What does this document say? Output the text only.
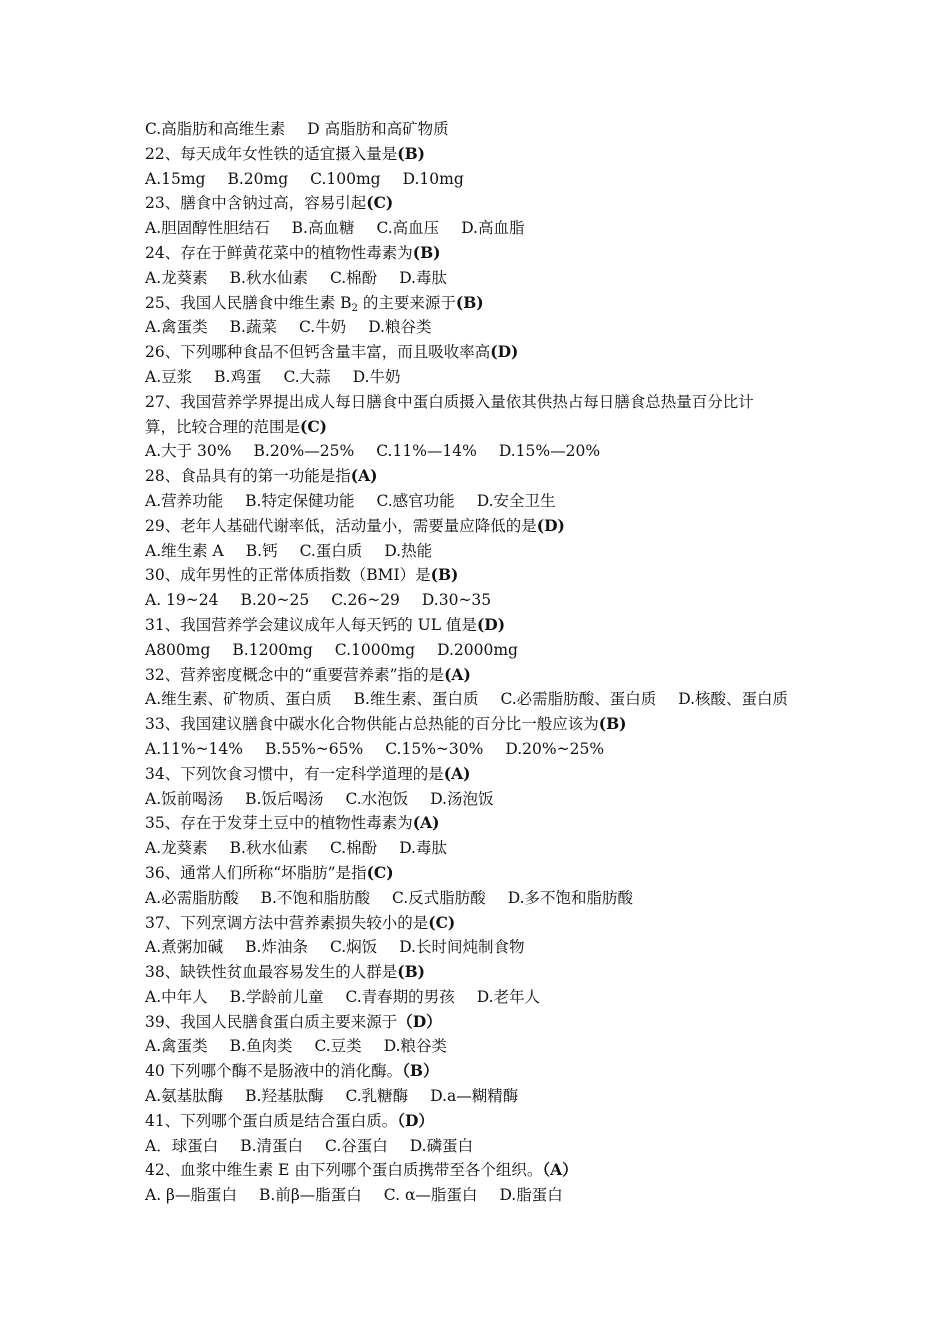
C.高脂肪和高维生素 D 高脂肪和高矿物质
22、每天成年女性铁的适宜摄入量是(B)
A.15mg B.20mg C.100mg D.10mg
23、膳食中含钠过高，容易引起(C)
A.胆固醇性胆结石 B.高血糖 C.高血压 D.高血脂
24、存在于鲜黄花菜中的植物性毒素为(B)
A.龙葵素 B.秋水仙素 C.棉酚 D.毒肽
25、我国人民膳食中维生素 $B_2$ 的主要来源于(B)
A.禽蛋类 B.蔬菜 C.牛奶 D.粮谷类
26、下列哪种食品不但钙含量丰富，而且吸收率高(D)
A.豆浆 B.鸡蛋 C.大蒜 D.牛奶
27、我国营养学界提出成人每日膳食中蛋白质摄入量依其供热占每日膳食总热量百分比计
算，比较合理的范围是(C)
A.大于 30% B.20%—25% C.11%—14% D.15%—20%
28、食品具有的第一功能是指(A)
A.营养功能 B.特定保健功能 C.感官功能 D.安全卫生
29、老年人基础代谢率低，活动量小，需要量应降低的是(D)
A.维生素 A B.钙 C.蛋白质 D.热能
30、成年男性的正常体质指数（BMI）是(B)
A. 19~24 B.20~25 C.26~29 D.30~35
31、我国营养学会建议成年人每天钙的 UL 值是(D)
A800mg B.1200mg C.1000mg D.2000mg
32、营养密度概念中的“重要营养素”指的是(A)
A.维生素、矿物质、蛋白质 B.维生素、蛋白质 C.必需脂肪酸、蛋白质 D.核酸、蛋白质
33、我国建议膳食中碳水化合物供能占总热能的百分比一般应该为(B)
A.11%~14% B.55%~65% C.15%~30% D.20%~25%
34、下列饮食习惯中，有一定科学道理的是(A)
A.饭前喝汤 B.饭后喝汤 C.水泡饭 D.汤泡饭
35、存在于发芽土豆中的植物性毒素为(A)
A.龙葵素 B.秋水仙素 C.棉酚 D.毒肽
36、通常人们所称“坏脂肪”是指(C)
A.必需脂肪酸 B.不饱和脂肪酸 C.反式脂肪酸 D.多不饱和脂肪酸
37、下列烹调方法中营养素损失较小的是(C)
A.煮粥加碱 B.炸油条 C.焖饭 D.长时间炖制食物
38、缺铁性贫血最容易发生的人群是(B)
A.中年人 B.学龄前儿童 C.青春期的男孩 D.老年人
39、我国人民膳食蛋白质主要来源于（D）
A.禽蛋类 B.鱼肉类 C.豆类 D.粮谷类
40 下列哪个酶不是肠液中的消化酶。（B）
A.氨基肽酶 B.羟基肽酶 C.乳糖酶 D.a—糊精酶
41、下列哪个蛋白质是结合蛋白质。（D）
A．球蛋白 B.清蛋白 C.谷蛋白 D.磷蛋白
42、血浆中维生素 E 由下列哪个蛋白质携带至各个组织。（A）
A. β—脂蛋白 B.前β—脂蛋白 C. α—脂蛋白 D.脂蛋白
